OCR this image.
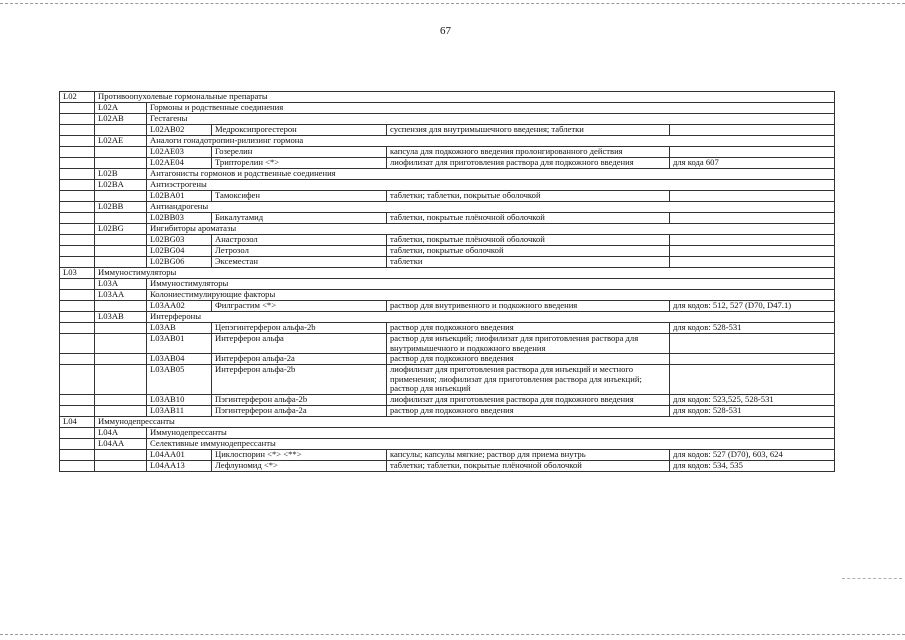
67
L02	Противоопухолевые гормональные препараты				
	L02A	Гормоны и родственные соединения			
	L02AB	Гестагены			
		L02AB02	Медроксипрогестерон	суспензия для внутримышечного введения; таблетки	
	L02AE	Аналоги гонадотропин-рилизинг гормона			
		L02AE03	Гозерелин	капсула для подкожного введения пролонгированного действия	
		L02AE04	Трипторелин <*>	лиофилизат для приготовления раствора для подкожного введения	для кода 607
	L02B	Антагонисты гормонов и родственные соединения			
	L02BA	Антиэстрогены			
		L02BA01	Тамоксифен	таблетки; таблетки, покрытые оболочкой	
	L02BB	Антиандрогены			
		L02BB03	Бикалутамид	таблетки, покрытые плёночной оболочкой	
	L02BG	Ингибиторы ароматазы			
		L02BG03	Анастрозол	таблетки, покрытые плёночной оболочкой	
		L02BG04	Летрозол	таблетки, покрытые оболочкой	
		L02BG06	Эксеместан	таблетки	
L03	Иммуностимуляторы				
	L03A	Иммуностимуляторы			
	L03AA	Колониестимулирующие факторы			
		L03AA02	Филграстим <*>	раствор для внутривенного и подкожного введения	для кодов: 512, 527 (D70, D47.1)
	L03AB	Интерфероны			
		L03AB	Цепэгинтерферон альфа-2b	раствор для подкожного введения	для кодов: 528-531
		L03AB01	Интерферон альфа	раствор для инъекций; лиофилизат для приготовления раствора для внутримышечного и подкожного введения	
		L03AB04	Интерферон альфа-2а	раствор для подкожного введения	
		L03AB05	Интерферон альфа-2b	лиофилизат для приготовления раствора для инъекций и местного применения; лиофилизат для приготовления раствора для инъекций; раствор для инъекций	
		L03AB10	Пэгинтерферон альфа-2b	лиофилизат для приготовления раствора для подкожного введения	для кодов: 523,525, 528-531
		L03AB11	Пэгинтерферон альфа-2а	раствор для подкожного введения	для кодов: 528-531
L04	Иммунодепрессанты				
	L04A	Иммунодепрессанты			
	L04AA	Селективные иммунодепрессанты			
		L04AA01	Циклоспорин <*> <**>	капсулы; капсулы мягкие; раствор для приема внутрь	для кодов: 527 (D70), 603, 624
		L04AA13	Лефлуномид <*>	таблетки; таблетки, покрытые плёночной оболочкой	для кодов: 534, 535
